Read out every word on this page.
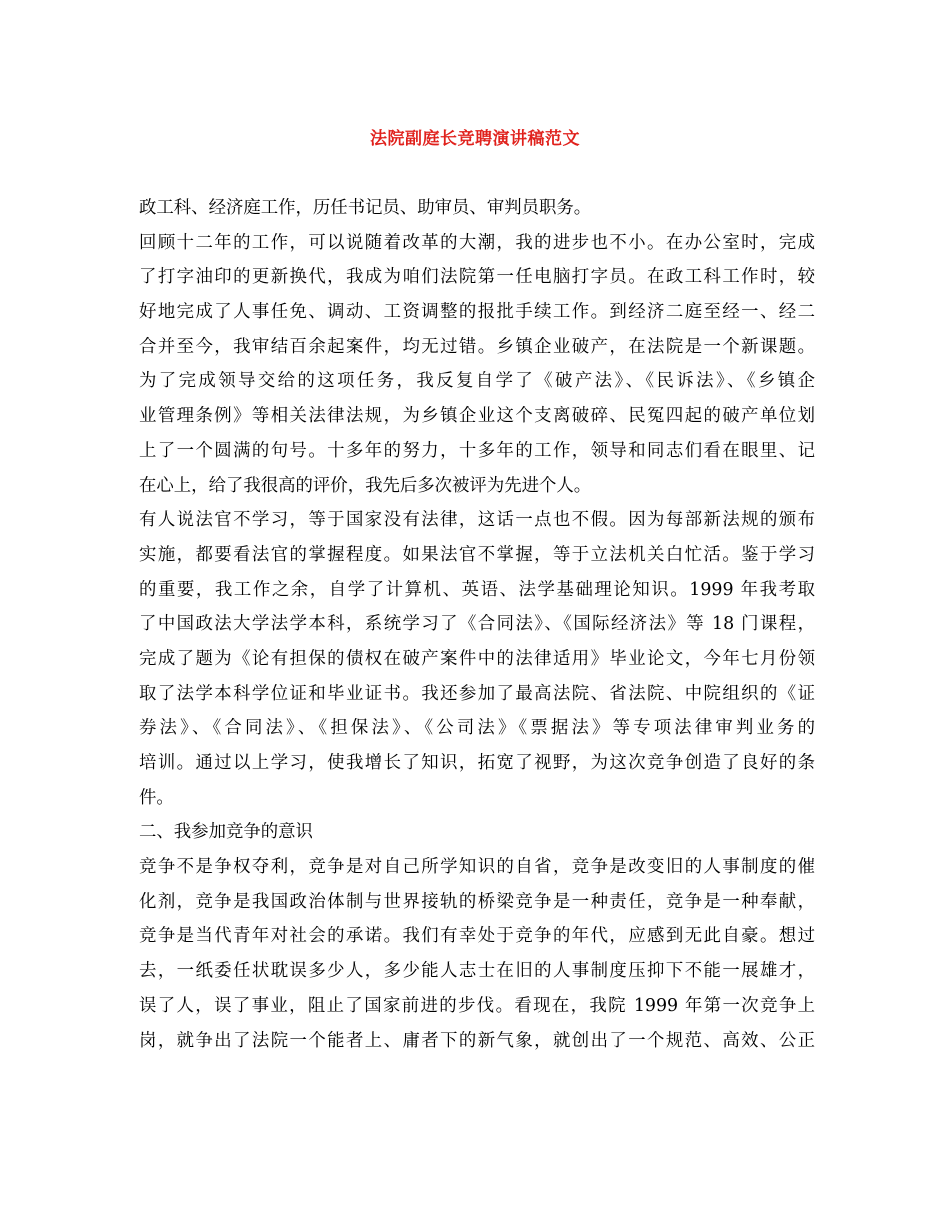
法院副庭长竞聘演讲稿范文
政工科、经济庭工作，历任书记员、助审员、审判员职务。
回顾十二年的工作，可以说随着改革的大潮，我的进步也不小。在办公室时，完成
了打字油印的更新换代，我成为咱们法院第一任电脑打字员。在政工科工作时，较
好地完成了人事任免、调动、工资调整的报批手续工作。到经济二庭至经一、经二
合并至今，我审结百余起案件，均无过错。乡镇企业破产，在法院是一个新课题。
为了完成领导交给的这项任务，我反复自学了《破产法》、《民诉法》、《乡镇企
业管理条例》等相关法律法规，为乡镇企业这个支离破碎、民冤四起的破产单位划
上了一个圆满的句号。十多年的努力，十多年的工作，领导和同志们看在眼里、记
在心上，给了我很高的评价，我先后多次被评为先进个人。
有人说法官不学习，等于国家没有法律，这话一点也不假。因为每部新法规的颁布
实施，都要看法官的掌握程度。如果法官不掌握，等于立法机关白忙活。鉴于学习
的重要，我工作之余，自学了计算机、英语、法学基础理论知识。1999 年我考取
了中国政法大学法学本科，系统学习了《合同法》、《国际经济法》等 18 门课程，
完成了题为《论有担保的债权在破产案件中的法律适用》毕业论文，今年七月份领
取了法学本科学位证和毕业证书。我还参加了最高法院、省法院、中院组织的《证
券法》、《合同法》、《担保法》、《公司法》《票据法》等专项法律审判业务的
培训。通过以上学习，使我增长了知识，拓宽了视野，为这次竞争创造了良好的条
件。
二、我参加竞争的意识
竞争不是争权夺利，竞争是对自己所学知识的自省，竞争是改变旧的人事制度的催
化剂，竞争是我国政治体制与世界接轨的桥梁竞争是一种责任，竞争是一种奉献，
竞争是当代青年对社会的承诺。我们有幸处于竞争的年代，应感到无此自豪。想过
去，一纸委任状耽误多少人，多少能人志士在旧的人事制度压抑下不能一展雄才，
误了人，误了事业，阻止了国家前进的步伐。看现在，我院 1999 年第一次竞争上
岗，就争出了法院一个能者上、庸者下的新气象，就创出了一个规范、高效、公正
